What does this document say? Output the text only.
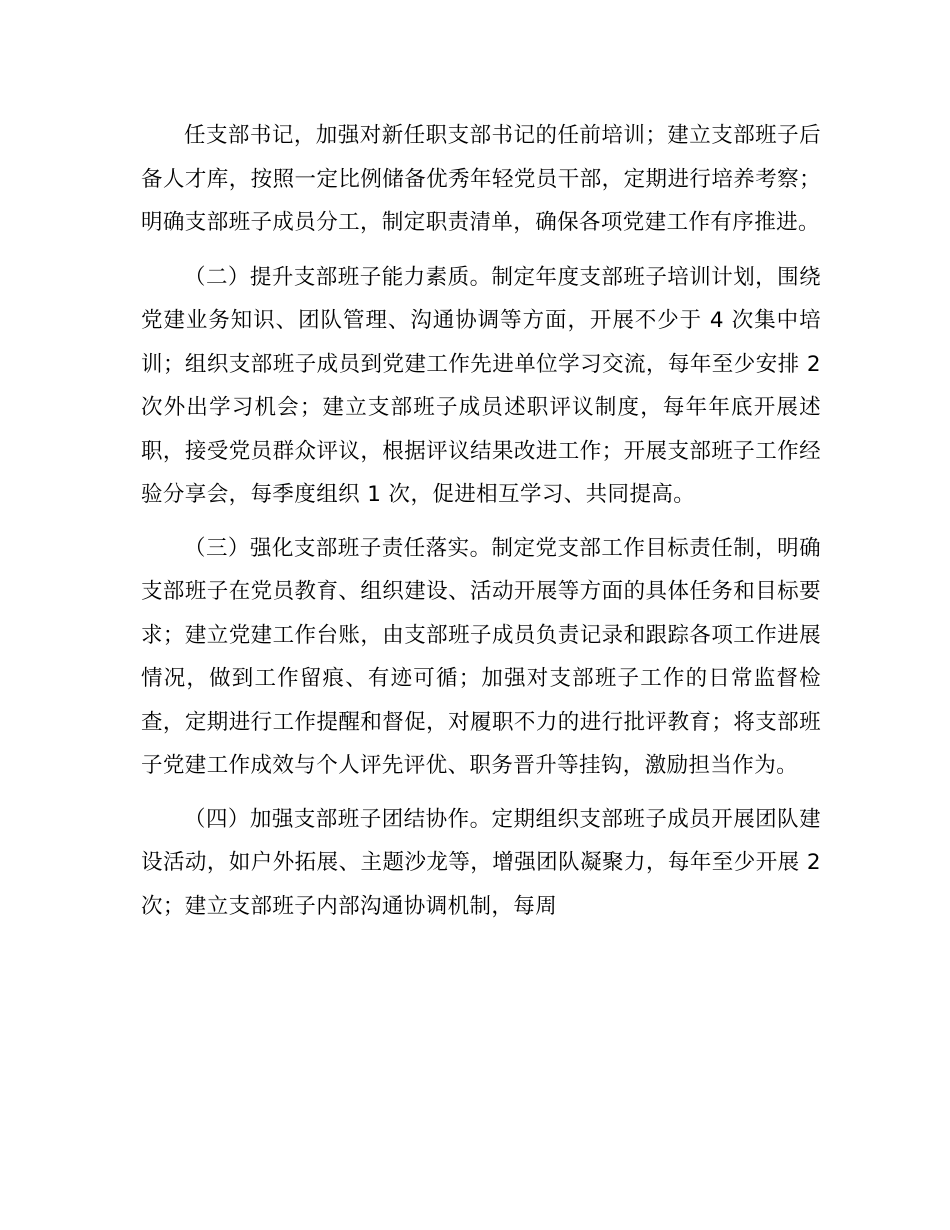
任支部书记，加强对新任职支部书记的任前培训；建立支部班子后备人才库，按照一定比例储备优秀年轻党员干部，定期进行培养考察；明确支部班子成员分工，制定职责清单，确保各项党建工作有序推进。

（二）提升支部班子能力素质。制定年度支部班子培训计划，围绕党建业务知识、团队管理、沟通协调等方面，开展不少于 4 次集中培训；组织支部班子成员到党建工作先进单位学习交流，每年至少安排 2 次外出学习机会；建立支部班子成员述职评议制度，每年年底开展述职，接受党员群众评议，根据评议结果改进工作；开展支部班子工作经验分享会，每季度组织 1 次，促进相互学习、共同提高。

（三）强化支部班子责任落实。制定党支部工作目标责任制，明确支部班子在党员教育、组织建设、活动开展等方面的具体任务和目标要求；建立党建工作台账，由支部班子成员负责记录和跟踪各项工作进展情况，做到工作留痕、有迹可循；加强对支部班子工作的日常监督检查，定期进行工作提醒和督促，对履职不力的进行批评教育；将支部班子党建工作成效与个人评先评优、职务晋升等挂钩，激励担当作为。

（四）加强支部班子团结协作。定期组织支部班子成员开展团队建设活动，如户外拓展、主题沙龙等，增强团队凝聚力，每年至少开展 2 次；建立支部班子内部沟通协调机制，每周
